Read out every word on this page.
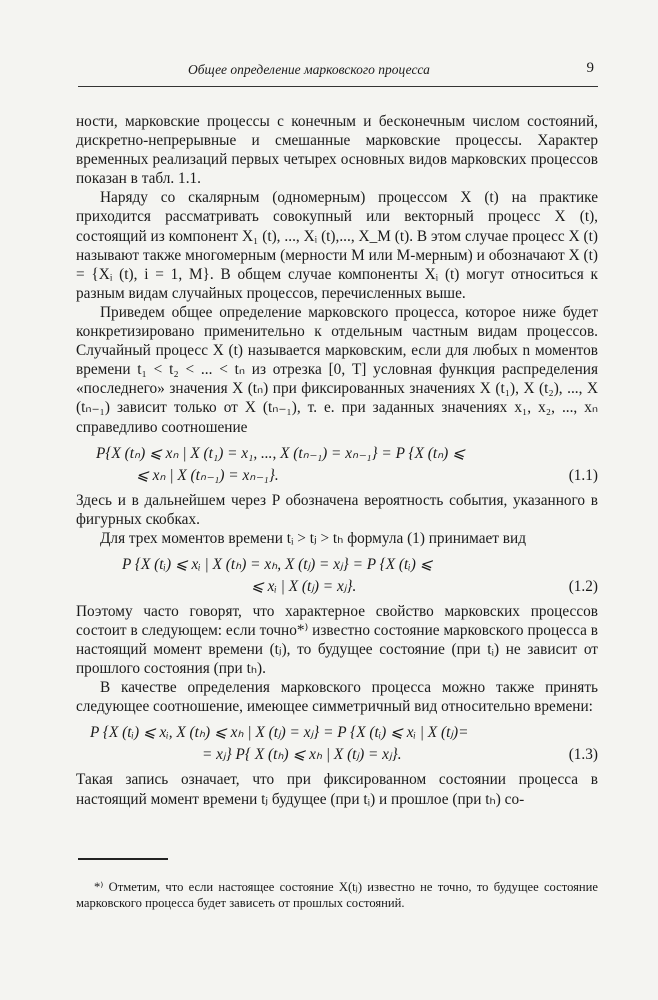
Общее определение марковского процесса	9

ности, марковские процессы с конечным и бесконечным числом состояний, дискретно-непрерывные и смешанные марковские процессы. Характер временных реализаций первых четырех основных видов марковских процессов показан в табл. 1.1.

Наряду со скалярным (одномерным) процессом X (t) на практике приходится рассматривать совокупный или векторный процесс X (t), состоящий из компонент X₁ (t), ..., Xᵢ (t),..., X_M (t). В этом случае процесс X (t) называют также многомерным (мерности M или M-мерным) и обозначают X (t) = {Xᵢ (t), i = 1, M}. В общем случае компоненты Xᵢ (t) могут относиться к разным видам случайных процессов, перечисленных выше.

Приведем общее определение марковского процесса, которое ниже будет конкретизировано применительно к отдельным частным видам процессов. Случайный процесс X (t) называется марковским, если для любых n моментов времени t₁ < t₂ < ... < tₙ из отрезка [0, T] условная функция распределения «последнего» значения X (tₙ) при фиксированных значениях X (t₁), X (t₂), ..., X (tₙ₋₁) зависит только от X (tₙ₋₁), т. е. при заданных значениях x₁, x₂, ..., xₙ справедливо соотношение

P{X (tₙ) ⩽ xₙ | X (t₁) = x₁, ..., X (tₙ₋₁) = xₙ₋₁} = P {X (tₙ) ⩽
⩽ xₙ | X (tₙ₋₁) = xₙ₋₁}.	(1.1)

Здесь и в дальнейшем через P обозначена вероятность события, указанного в фигурных скобках.

Для трех моментов времени tᵢ > tⱼ > tₕ формула (1) принимает вид

P {X (tᵢ) ⩽ xᵢ | X (tₕ) = xₕ, X (tⱼ) = xⱼ} = P {X (tᵢ) ⩽
⩽ xᵢ | X (tⱼ) = xⱼ}.	(1.2)

Поэтому часто говорят, что характерное свойство марковских процессов состоит в следующем: если точно*⁾ известно состояние марковского процесса в настоящий момент времени (tⱼ), то будущее состояние (при tᵢ) не зависит от прошлого состояния (при tₕ).

В качестве определения марковского процесса можно также принять следующее соотношение, имеющее симметричный вид относительно времени:

P {X (tᵢ) ⩽ xᵢ, X (tₕ) ⩽ xₕ | X (tⱼ) = xⱼ} = P {X (tᵢ) ⩽ xᵢ | X (tⱼ)=
= xⱼ} P{ X (tₕ) ⩽ xₕ | X (tⱼ) = xⱼ}.	(1.3)

Такая запись означает, что при фиксированном состоянии процесса в настоящий момент времени tⱼ будущее (при tᵢ) и прошлое (при tₕ) со-

*⁾ Отметим, что если настоящее состояние X(tⱼ) известно не точно, то будущее состояние марковского процесса будет зависеть от прошлых состояний.
